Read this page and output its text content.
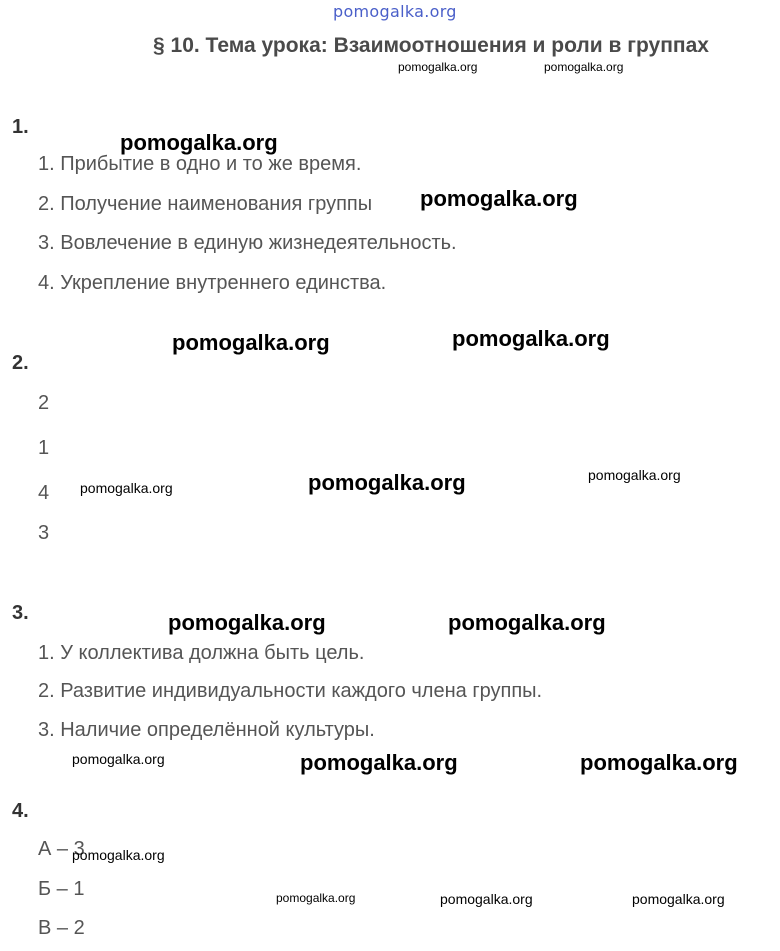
pomogalka.org
§ 10. Тема урока: Взаимоотношения и роли в группах
1.
1. Прибытие в одно и то же время.
2. Получение наименования группы
3. Вовлечение в единую жизнедеятельность.
4. Укрепление внутреннего единства.
2.
2
1
4
3
3.
1. У коллектива должна быть цель.
2. Развитие индивидуальности каждого члена группы.
3. Наличие определённой культуры.
4.
А – 3
Б – 1
В – 2
pomogalka.org	pomogalka.org
pomogalka.org
pomogalka.org
pomogalka.org	pomogalka.org
pomogalka.org	pomogalka.org	pomogalka.org
pomogalka.org	pomogalka.org
pomogalka.org	pomogalka.org	pomogalka.org
pomogalka.org
pomogalka.org	pomogalka.org	pomogalka.org
